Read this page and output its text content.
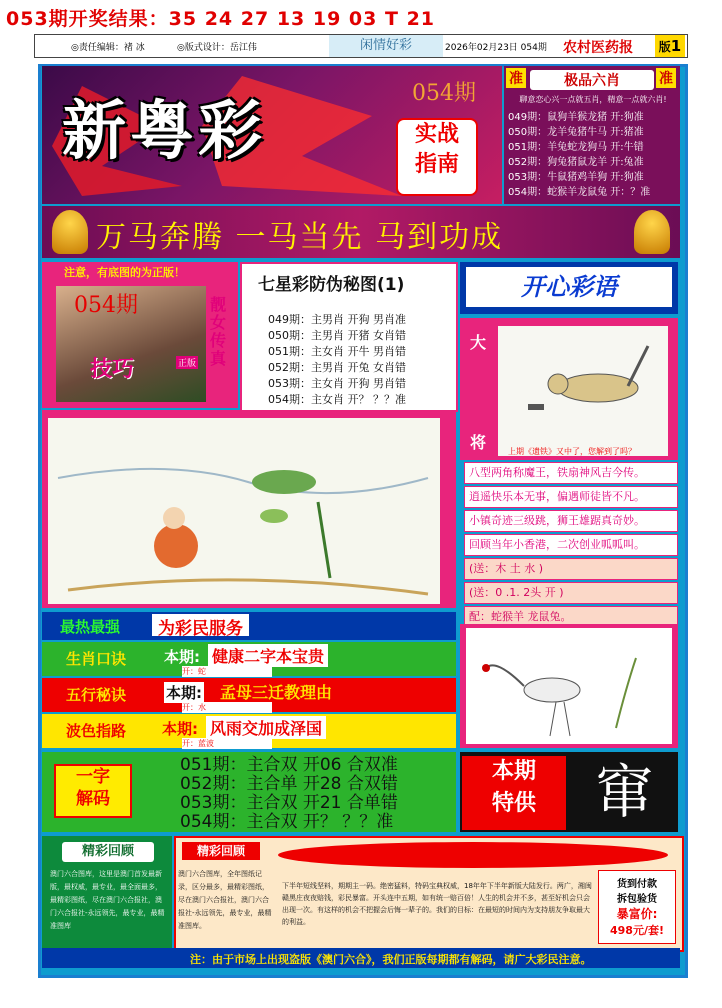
053期开奖结果：35 24 27 13 19 03 T 21
◎责任编辑：褚 冰	◎版式设计：岳江伟	闲情好彩	2026年02月23日 054期 农村医药报	版1
新粤彩
054期
实战
指南
准	准
极品六肖
聊意恋心兴一点就五肖，精意一点就六肖!
049期：鼠狗羊猴龙猪 开:狗准
050期：龙羊兔猪牛马 开:猪准
051期：羊兔蛇龙狗马 开:牛错
052期：狗兔猪鼠龙羊 开:兔准
053期：牛鼠猪鸡羊狗 开:狗准
054期：蛇猴羊龙鼠兔 开：？准
万马奔腾 一马当先 马到功成
注意，有底图的为正版！
054期	靓女传真
技巧	正版
七星彩防伪秘图(1)
049期：主男肖 开狗 男肖准
050期：主男肖 开猪 女肖错
051期：主女肖 开牛 男肖错
052期：主男肖 开兔 女肖错
053期：主女肖 开狗 男肖错
054期：主女肖 开？ ？？准
开心彩语
大
将	上期《遗铁》又中了，您解到了吗？
八型两角称魔王，铁扇神风吉今传。
逍遥快乐本无事，偏遇师徒皆不凡。
小镇奇迹三级跳，狮王雄踞真奇妙。
回顾当年小香港，二次创业呱呱叫。
(送：木 土 水 )
(送：0 .1. 2头 开 )
配：蛇猴羊 龙鼠兔。
最热最强	为彩民服务
生肖口诀	本期: 健康二字本宝贵
开：蛇
五行秘诀	本期: 孟母三迁教理由
开：水
波色指路 本期: 风雨交加成泽国
开：蓝波
一字
解码
051期：主合双 开06 合双准
052期：主合单 开28 合双错
053期：主合双 开21 合单错
054期：主合双 开？ ？？准
本期
特供	窜
精彩回顾
澳门六合图库，这里是澳门首发最新版，最权威，最专业，最全面最多，最精彩图纸，尽在澳门六合报社，澳门六合报社-永远领先，最专业，最精准图库
精彩回顾
澳门六合图库，全年图纸记录，区分最多，最精彩图纸，尽在澳门六合报社，澳门六合报社-永远领先，最专业，最精准图库。
下半年短线坚料，期期主一码。绝密猛料，特码宝典权威，18年年下半年新版大陆发行。两广，湘闽赣黑庄夜夜赔钱，彩民暴富。开头连中五期，如有统一赔百倍！人生的机会并不多，甚至好机会只会出现一次。有这样的机会不把握会后悔一辈子的。我们的目标：在最短的时间内为支持朋友争取最大的利益。
货到付款
拆包验货
暴富价:
498元/套!
注：由于市场上出现盗版《澳门六合》，我们正版每期都有解码，请广大彩民注意。
